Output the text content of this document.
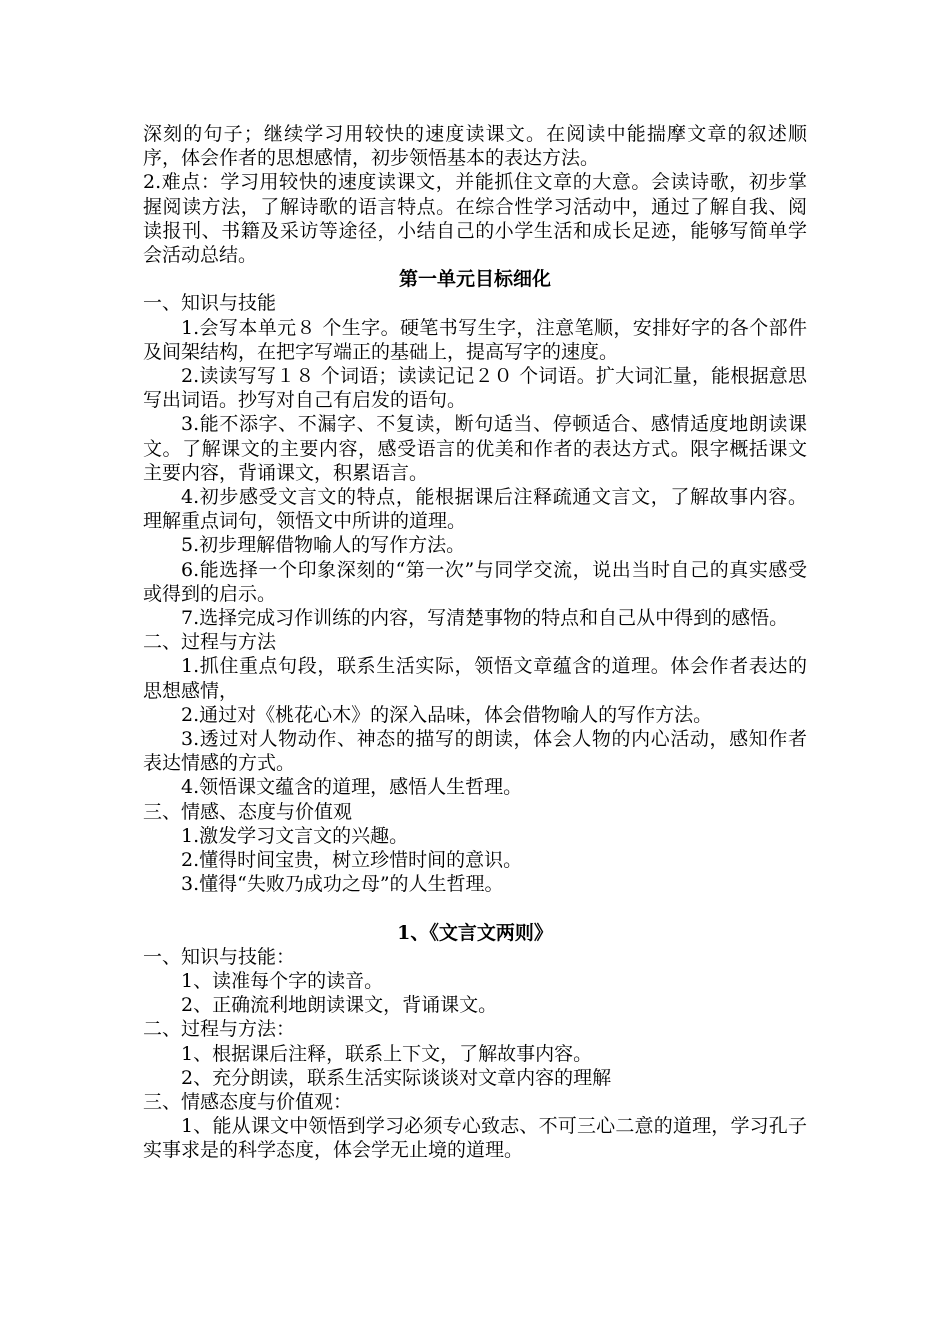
深刻的句子；继续学习用较快的速度读课文。在阅读中能揣摩文章的叙述顺序，体会作者的思想感情，初步领悟基本的表达方法。

2.难点：学习用较快的速度读课文，并能抓住文章的大意。会读诗歌，初步掌握阅读方法，了解诗歌的语言特点。在综合性学习活动中，通过了解自我、阅读报刊、书籍及采访等途径，小结自己的小学生活和成长足迹，能够写简单学会活动总结。

第一单元目标细化

一、知识与技能

1.会写本单元８ 个生字。硬笔书写生字，注意笔顺，安排好字的各个部件及间架结构，在把字写端正的基础上，提高写字的速度。

2.读读写写１８ 个词语；读读记记２０ 个词语。扩大词汇量，能根据意思写出词语。抄写对自己有启发的语句。

3.能不添字、不漏字、不复读，断句适当、停顿适合、感情适度地朗读课文。了解课文的主要内容，感受语言的优美和作者的表达方式。限字概括课文主要内容，背诵课文，积累语言。

4.初步感受文言文的特点，能根据课后注释疏通文言文，了解故事内容。理解重点词句，领悟文中所讲的道理。

5.初步理解借物喻人的写作方法。

6.能选择一个印象深刻的“第一次”与同学交流，说出当时自己的真实感受或得到的启示。

7.选择完成习作训练的内容，写清楚事物的特点和自己从中得到的感悟。

二、过程与方法

1.抓住重点句段，联系生活实际，领悟文章蕴含的道理。体会作者表达的思想感情，

2.通过对《桃花心木》的深入品味，体会借物喻人的写作方法。

3.透过对人物动作、神态的描写的朗读，体会人物的内心活动，感知作者表达情感的方式。

4.领悟课文蕴含的道理，感悟人生哲理。

三、情感、态度与价值观

1.激发学习文言文的兴趣。

2.懂得时间宝贵，树立珍惜时间的意识。

3.懂得“失败乃成功之母”的人生哲理。

1、《文言文两则》

一、知识与技能：

1、读准每个字的读音。

2、正确流利地朗读课文，背诵课文。

二、过程与方法：

1、根据课后注释，联系上下文，了解故事内容。

2、充分朗读，联系生活实际谈谈对文章内容的理解

三、情感态度与价值观：

1、能从课文中领悟到学习必须专心致志、不可三心二意的道理，学习孔子实事求是的科学态度，体会学无止境的道理。
